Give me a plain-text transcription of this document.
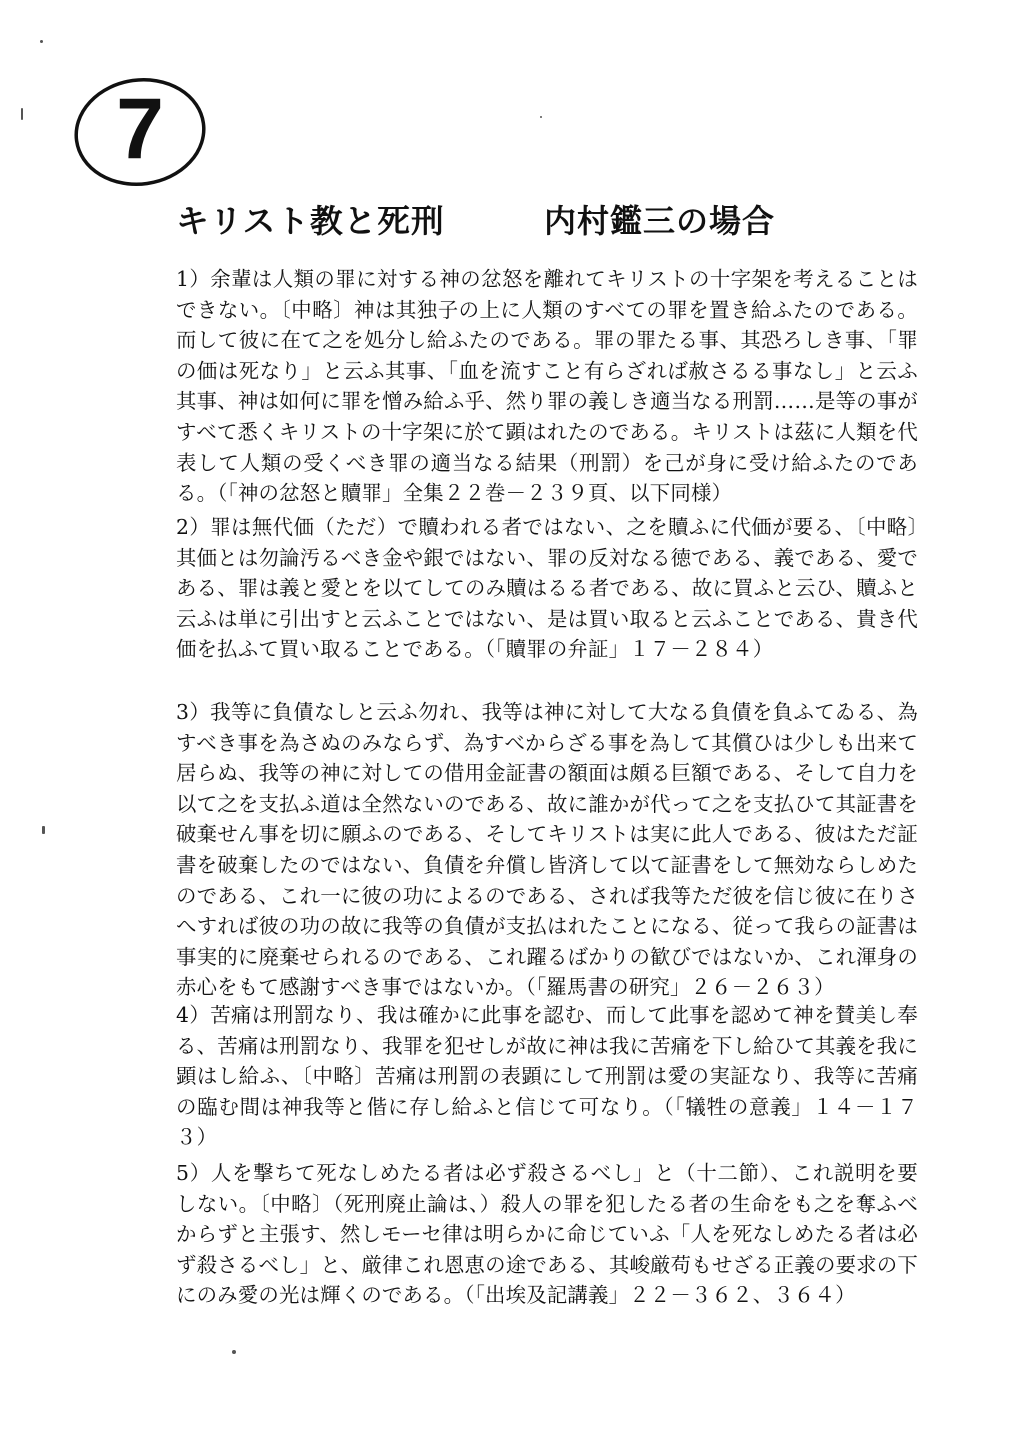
7
キリスト教と死刑	内村鑑三の場合
1）余輩は人類の罪に対する神の忿怒を離れてキリストの十字架を考えることはできない。〔中略〕神は其独子の上に人類のすべての罪を置き給ふたのである。而して彼に在て之を処分し給ふたのである。罪の罪たる事、其恐ろしき事、「罪の価は死なり」と云ふ其事、「血を流すこと有らざれば赦さるる事なし」と云ふ其事、神は如何に罪を憎み給ふ乎、然り罪の義しき適当なる刑罰……是等の事がすべて悉くキリストの十字架に於て顕はれたのである。キリストは茲に人類を代表して人類の受くべき罪の適当なる結果（刑罰）を己が身に受け給ふたのである。（「神の忿怒と贖罪」全集２２巻－２３９頁、以下同様）
2）罪は無代価（ただ）で贖われる者ではない、之を贖ふに代価が要る、〔中略〕其価とは勿論汚るべき金や銀ではない、罪の反対なる徳である、義である、愛である、罪は義と愛とを以てしてのみ贖はるる者である、故に買ふと云ひ、贖ふと云ふは単に引出すと云ふことではない、是は買い取ると云ふことである、貴き代価を払ふて買い取ることである。（「贖罪の弁証」１７－２８４）
3）我等に負債なしと云ふ勿れ、我等は神に対して大なる負債を負ふてゐる、為すべき事を為さぬのみならず、為すべからざる事を為して其償ひは少しも出来て居らぬ、我等の神に対しての借用金証書の額面は頗る巨額である、そして自力を以て之を支払ふ道は全然ないのである、故に誰かが代って之を支払ひて其証書を破棄せん事を切に願ふのである、そしてキリストは実に此人である、彼はただ証書を破棄したのではない、負債を弁償し皆済して以て証書をして無効ならしめたのである、これ一に彼の功によるのである、されば我等ただ彼を信じ彼に在りさへすれば彼の功の故に我等の負債が支払はれたことになる、従って我らの証書は事実的に廃棄せられるのである、これ躍るばかりの歓びではないか、これ渾身の赤心をもて感謝すべき事ではないか。（「羅馬書の研究」２６－２６３）
4）苦痛は刑罰なり、我は確かに此事を認む、而して此事を認めて神を賛美し奉る、苦痛は刑罰なり、我罪を犯せしが故に神は我に苦痛を下し給ひて其義を我に顕はし給ふ、〔中略〕苦痛は刑罰の表顕にして刑罰は愛の実証なり、我等に苦痛の臨む間は神我等と偕に存し給ふと信じて可なり。（「犠牲の意義」１４－１７３）
5）人を撃ちて死なしめたる者は必ず殺さるべし」と（十二節）、これ説明を要しない。〔中略〕（死刑廃止論は、）殺人の罪を犯したる者の生命をも之を奪ふべからずと主張す、然しモーセ律は明らかに命じていふ「人を死なしめたる者は必ず殺さるべし」と、厳律これ恩恵の途である、其峻厳苟もせざる正義の要求の下にのみ愛の光は輝くのである。（「出埃及記講義」２２－３６２、３６４）
